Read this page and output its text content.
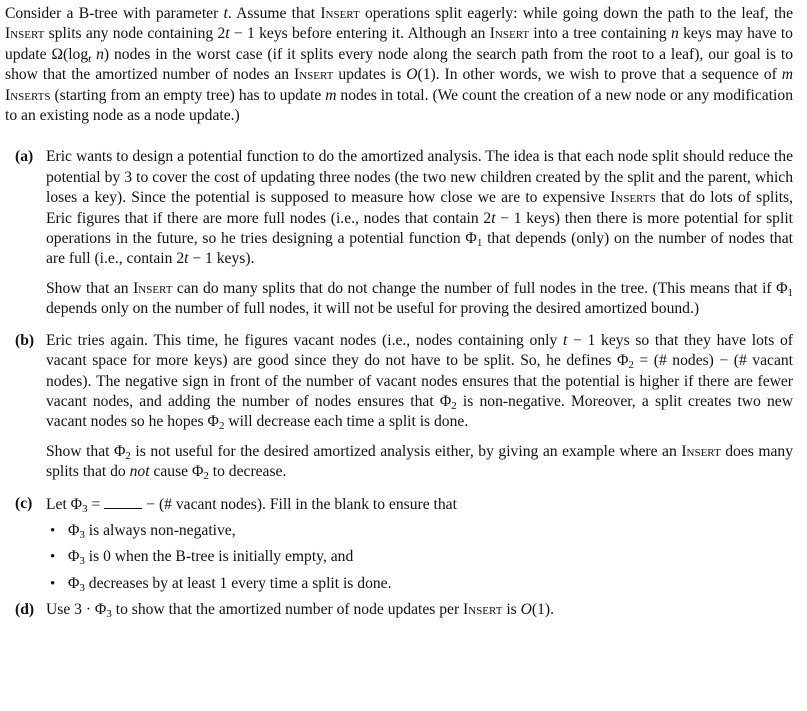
Consider a B-tree with parameter t. Assume that Insert operations split eagerly: while going down the path to the leaf, the Insert splits any node containing 2t − 1 keys before entering it. Although an Insert into a tree containing n keys may have to update $\Omega(\log_t$ n) nodes in the worst case (if it splits every node along the search path from the root to a leaf), our goal is to show that the amortized number of nodes an Insert updates is O(1). In other words, we wish to prove that a sequence of m Inserts (starting from an empty tree) has to update m nodes in total. (We count the creation of a new node or any modification to an existing node as a node update.)

(a) Eric wants to design a potential function to do the amortized analysis. The idea is that each node split should reduce the potential by 3 to cover the cost of updating three nodes (the two new children created by the split and the parent, which loses a key). Since the potential is supposed to measure how close we are to expensive Inserts that do lots of splits, Eric figures that if there are more full nodes (i.e., nodes that contain 2t − 1 keys) then there is more potential for split operations in the future, so he tries designing a potential function $\Phi_1$ that depends (only) on the number of nodes that are full (i.e., contain 2t − 1 keys).

Show that an Insert can do many splits that do not change the number of full nodes in the tree. (This means that if $\Phi_1$ depends only on the number of full nodes, it will not be useful for proving the desired amortized bound.)

(b) Eric tries again. This time, he figures vacant nodes (i.e., nodes containing only t − 1 keys so that they have lots of vacant space for more keys) are good since they do not have to be split. So, he defines $\Phi_2$ = (# nodes) − (# vacant nodes). The negative sign in front of the number of vacant nodes ensures that the potential is higher if there are fewer vacant nodes, and adding the number of nodes ensures that $\Phi_2$ is non-negative. Moreover, a split creates two new vacant nodes so he hopes $\Phi_2$ will decrease each time a split is done.

Show that $\Phi_2$ is not useful for the desired amortized analysis either, by giving an example where an Insert does many splits that do not cause $\Phi_2$ to decrease.

(c) Let $\Phi_3$ =	− (# vacant nodes). Fill in the blank to ensure that

• $\Phi_3$ is always non-negative,
• $\Phi_3$ is 0 when the B-tree is initially empty, and
• $\Phi_3$ decreases by at least 1 every time a split is done.
(d) Use $3 \cdot \Phi_3$ to show that the amortized number of node updates per Insert is O(1).
